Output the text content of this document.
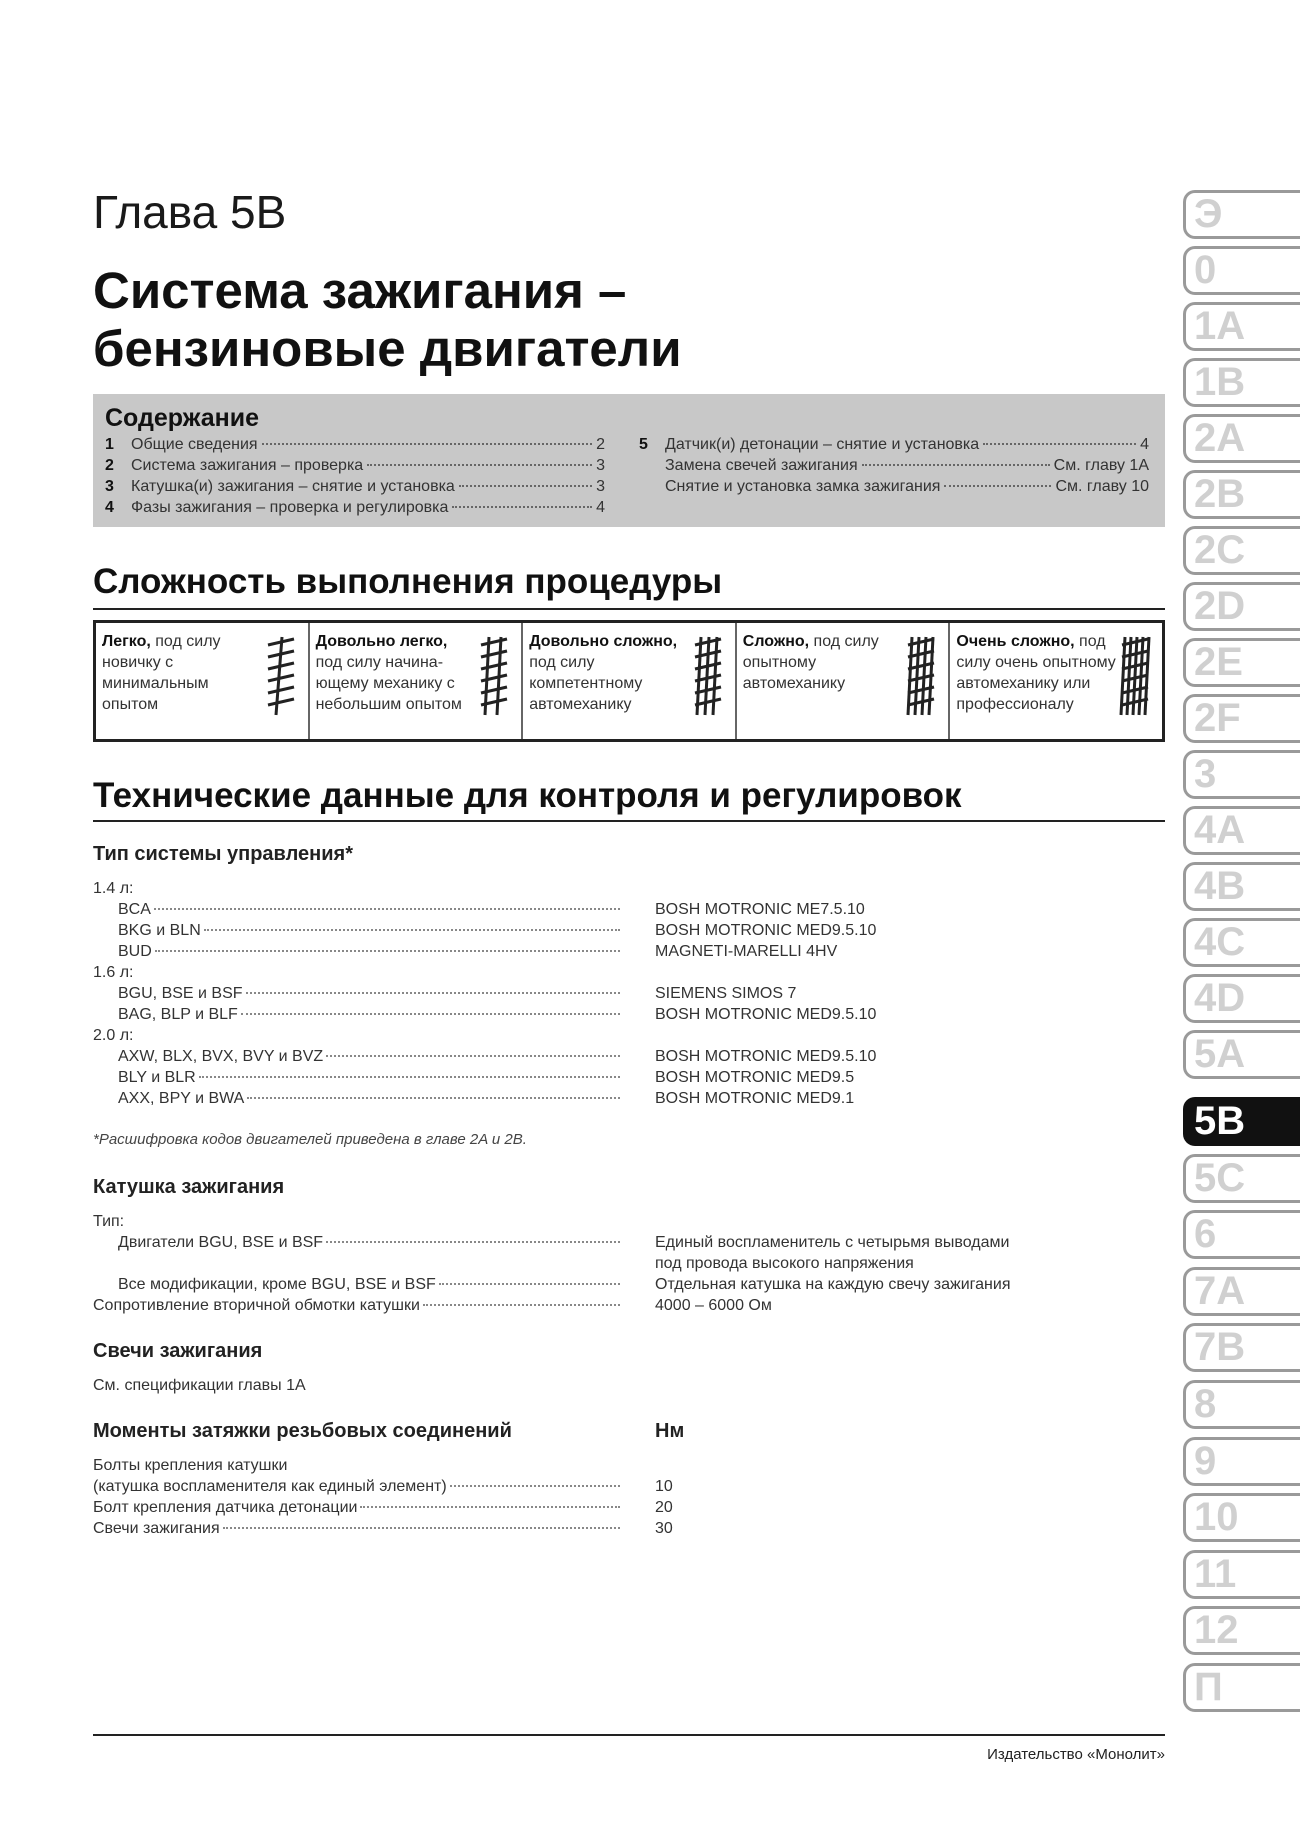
Глава 5В
Система зажигания –
бензиновые двигатели
Содержание
1	Общие сведения	2
2	Система зажигания – проверка	3
3	Катушка(и) зажигания – снятие и установка	3
4	Фазы зажигания – проверка и регулировка	4
5	Датчик(и) детонации – снятие и установка	4
Замена свечей зажигания	См. главу 1A
Снятие и установка замка зажигания	См. главу 10
Сложность выполнения процедуры
Легко, под силу новичку с минимальным опытом
Довольно легко, под силу начина-ющему механику с небольшим опытом
Довольно сложно, под силу компетентному автомеханику
Сложно, под силу опытному автомеханику
Очень сложно, под силу очень опытному автомеханику или профессионалу
Технические данные для контроля и регулировок
Тип системы управления*
1.4 л:
BCA	BOSH MOTRONIC ME7.5.10
BKG и BLN	BOSH MOTRONIC MED9.5.10
BUD	MAGNETI-MARELLI 4HV
1.6 л:
BGU, BSE и BSF	SIEMENS SIMOS 7
BAG, BLP и BLF	BOSH MOTRONIC MED9.5.10
2.0 л:
AXW, BLX, BVX, BVY и BVZ	BOSH MOTRONIC MED9.5.10
BLY и BLR	BOSH MOTRONIC MED9.5
AXX, BPY и BWA	BOSH MOTRONIC MED9.1
*Расшифровка кодов двигателей приведена в главе 2A и 2B.
Катушка зажигания
Тип:
Двигатели BGU, BSE и BSF	Единый воспламенитель с четырьмя выводами
под провода высокого напряжения
Все модификации, кроме BGU, BSE и BSF	Отдельная катушка на каждую свечу зажигания
Сопротивление вторичной обмотки катушки	4000 – 6000 Ом
Свечи зажигания
См. спецификации главы 1A
Моменты затяжки резьбовых соединений	Нм
Болты крепления катушки
(катушка воспламенителя как единый элемент)	10
Болт крепления датчика детонации	20
Свечи зажигания	30
Э
0
1A
1B
2A
2B
2C
2D
2E
2F
3
4A
4B
4C
4D
5A
5B
5C
6
7A
7B
8
9
10
11
12
П
Издательство «Монолит»
